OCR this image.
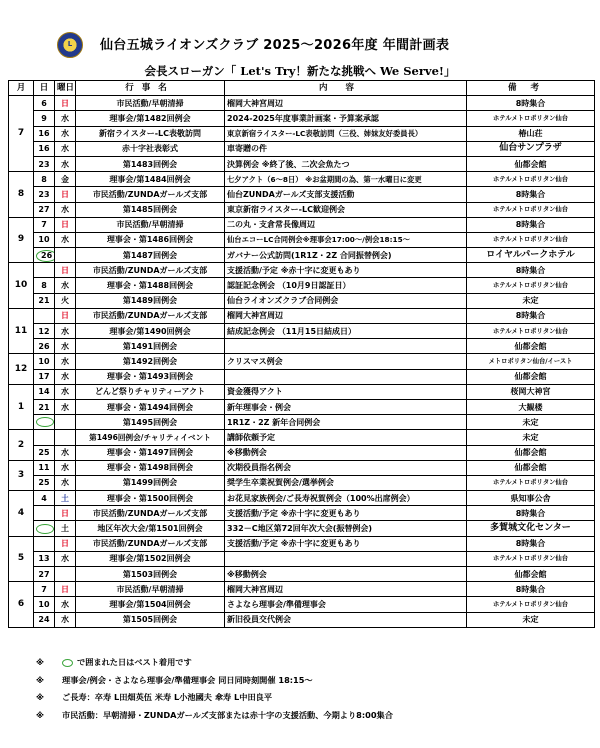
L	仙台五城ライオンズクラブ 2025～2026年度 年間計画表
会長スローガン「 Let's Try！新たな挑戦へ We Serve!」
月	日	曜日	行事名	内容	備考
7	6	日	市民活動/早朝清掃	榴岡大神宮周辺	8時集合
	9	水	理事会/第1482回例会	2024-2025年度事業計画案・予算案承認	ホテルメトロポリタン仙台
	16	水	新宿ライスター-LC表敬訪問	東京新宿ライスター-LC表敬訪問（三役、姉妹友好委員長）	椿山荘
	16	水	赤十字社表彰式	車寄贈の件	仙台サンプラザ
	23	水	第1483回例会	決算例会 ※終了後、二次会魚たつ	仙都会館
8	8	金	理事会/第1484回例会	七夕アクト（6～8日） ※お盆期間の為、第一水曜日に変更	ホテルメトロポリタン仙台
	23	日	市民活動/ZUNDAガールズ支部	仙台ZUNDAガールズ支部支援活動	8時集合
	27	水	第1485回例会	東京新宿ライスター-LC歓迎例会	ホテルメトロポリタン仙台
9	7	日	市民活動/早朝清掃	二の丸・支倉常長像周辺	8時集合
	10	水	理事会・第1486回例会	仙台エコーLC合同例会※理事会17:00～/例会18:15～	ホテルメトロポリタン仙台
	26		第1487回例会	ガバナー公式訪問(1R1Z・2Z 合同振替例会)	ロイヤルパークホテル
10		日	市民活動/ZUNDAガールズ支部	支援活動/予定 ※赤十字に変更もあり	8時集合
	8	水	理事会・第1488回例会	認証記念例会 （10月9日認証日）	ホテルメトロポリタン仙台
	21	火	第1489回例会	仙台ライオンズクラブ合同例会	未定
11		日	市民活動/ZUNDAガールズ支部	榴岡大神宮周辺	8時集合
	12	水	理事会/第1490回例会	結成記念例会 （11月15日結成日）	ホテルメトロポリタン仙台
	26	水	第1491回例会		仙都会館
12	10	水	第1492回例会	クリスマス例会	メトロポリタン仙台/イースト
	17	水	理事会・第1493回例会		仙都会館
1	14	水	どんど祭りチャリティーアクト	資金獲得アクト	桜岡大神宮
	21	水	理事会・第1494回例会	新年理事会・例会	大観楼
			第1495回例会	1R1Z・2Z 新年合同例会	未定
2			第1496回例会/チャリティイベント	講師依頼予定	未定
	25	水	理事会・第1497回例会	※移動例会	仙都会館
3	11	水	理事会・第1498回例会	次期役員指名例会	仙都会館
	25	水	第1499回例会	奨学生卒業祝賀例会/選挙例会	ホテルメトロポリタン仙台
4	4	土	理事会・第1500回例会	お花見家族例会/ご長寿祝賀例会（100%出席例会）	県知事公舎
		日	市民活動/ZUNDAガールズ支部	支援活動/予定 ※赤十字に変更もあり	8時集合
		土	地区年次大会/第1501回例会	332－C地区第72回年次大会(振替例会)	多賀城文化センター
5		日	市民活動/ZUNDAガールズ支部	支援活動/予定 ※赤十字に変更もあり	8時集合
	13	水	理事会/第1502回例会		ホテルメトロポリタン仙台
	27		第1503回例会	※移動例会	仙都会館
6	7	日	市民活動/早朝清掃	榴岡大神宮周辺	8時集合
	10	水	理事会/第1504回例会	さよなら理事会/準備理事会	ホテルメトロポリタン仙台
	24	水	第1505回例会	新旧役員交代例会	未定
※	で囲まれた日はベスト着用です
※ 理事会/例会・さよなら理事会/準備理事会 同日同時刻開催 18:15～
※ ご長寿：卒寿 L田畑英伍 米寿 L小池國夫 傘寿 L中田良平
※ 市民活動：早朝清掃・ZUNDAガールズ支部または赤十字の支援活動、今期より8:00集合
